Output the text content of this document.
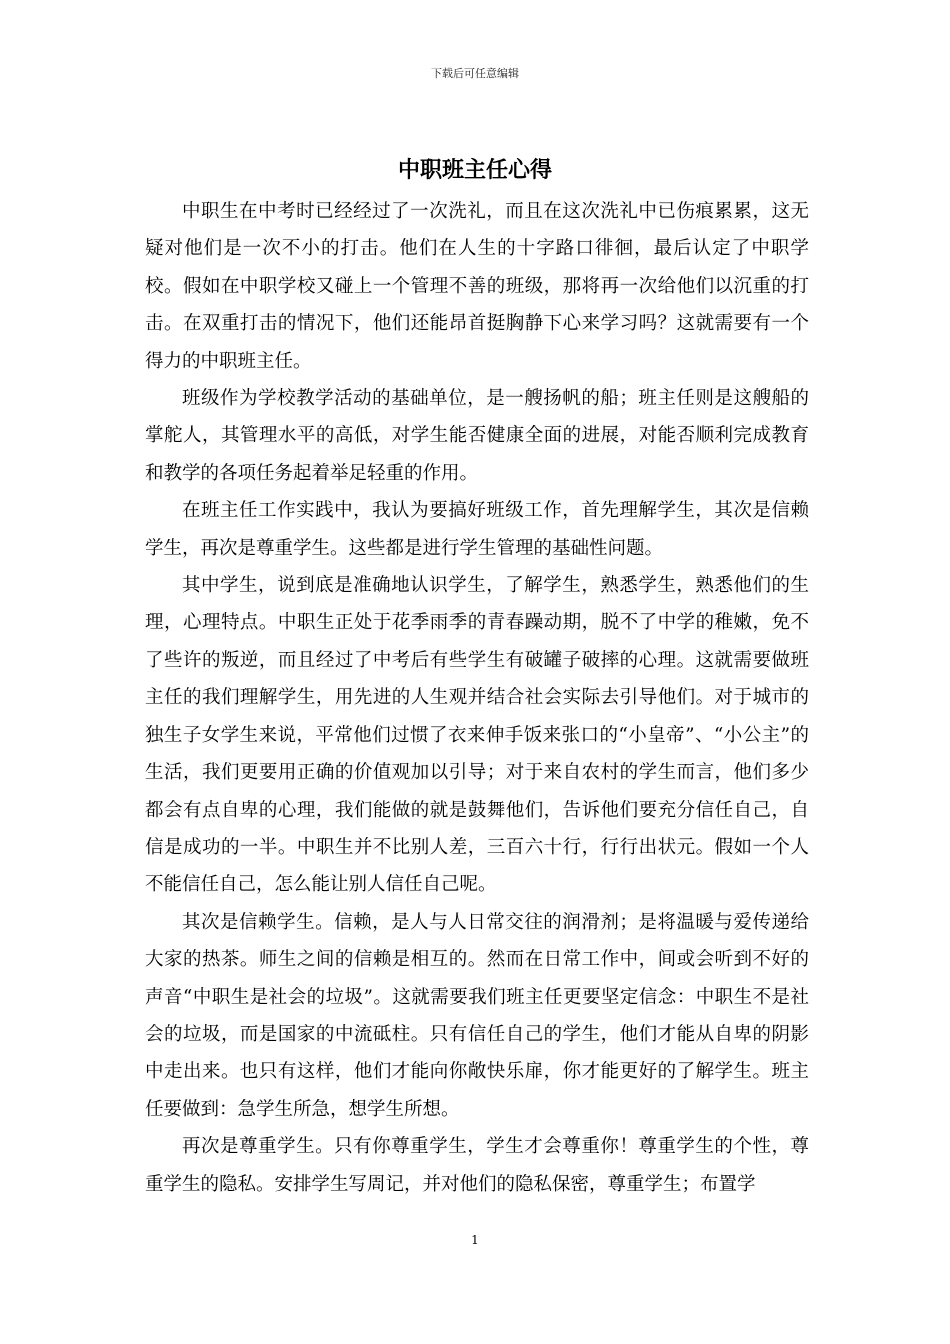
下载后可任意编辑
中职班主任心得

中职生在中考时已经经过了一次洗礼，而且在这次洗礼中已伤痕累累，这无疑对他们是一次不小的打击。他们在人生的十字路口徘徊，最后认定了中职学校。假如在中职学校又碰上一个管理不善的班级，那将再一次给他们以沉重的打击。在双重打击的情况下，他们还能昂首挺胸静下心来学习吗？这就需要有一个得力的中职班主任。

班级作为学校教学活动的基础单位，是一艘扬帆的船；班主任则是这艘船的掌舵人，其管理水平的高低，对学生能否健康全面的进展，对能否顺利完成教育和教学的各项任务起着举足轻重的作用。

在班主任工作实践中，我认为要搞好班级工作，首先理解学生，其次是信赖学生，再次是尊重学生。这些都是进行学生管理的基础性问题。

其中学生，说到底是准确地认识学生，了解学生，熟悉学生，熟悉他们的生理，心理特点。中职生正处于花季雨季的青春躁动期，脱不了中学的稚嫩，免不了些许的叛逆，而且经过了中考后有些学生有破罐子破摔的心理。这就需要做班主任的我们理解学生，用先进的人生观并结合社会实际去引导他们。对于城市的独生子女学生来说，平常他们过惯了衣来伸手饭来张口的“小皇帝”、“小公主”的生活，我们更要用正确的价值观加以引导；对于来自农村的学生而言，他们多少都会有点自卑的心理，我们能做的就是鼓舞他们，告诉他们要充分信任自己，自信是成功的一半。中职生并不比别人差，三百六十行，行行出状元。假如一个人不能信任自己，怎么能让别人信任自己呢。

其次是信赖学生。信赖，是人与人日常交往的润滑剂；是将温暖与爱传递给大家的热茶。师生之间的信赖是相互的。然而在日常工作中，间或会听到不好的声音“中职生是社会的垃圾”。这就需要我们班主任更要坚定信念：中职生不是社会的垃圾，而是国家的中流砥柱。只有信任自己的学生，他们才能从自卑的阴影中走出来。也只有这样，他们才能向你敞快乐扉，你才能更好的了解学生。班主任要做到：急学生所急，想学生所想。

再次是尊重学生。只有你尊重学生，学生才会尊重你！尊重学生的个性，尊重学生的隐私。安排学生写周记，并对他们的隐私保密，尊重学生；布置学

1
